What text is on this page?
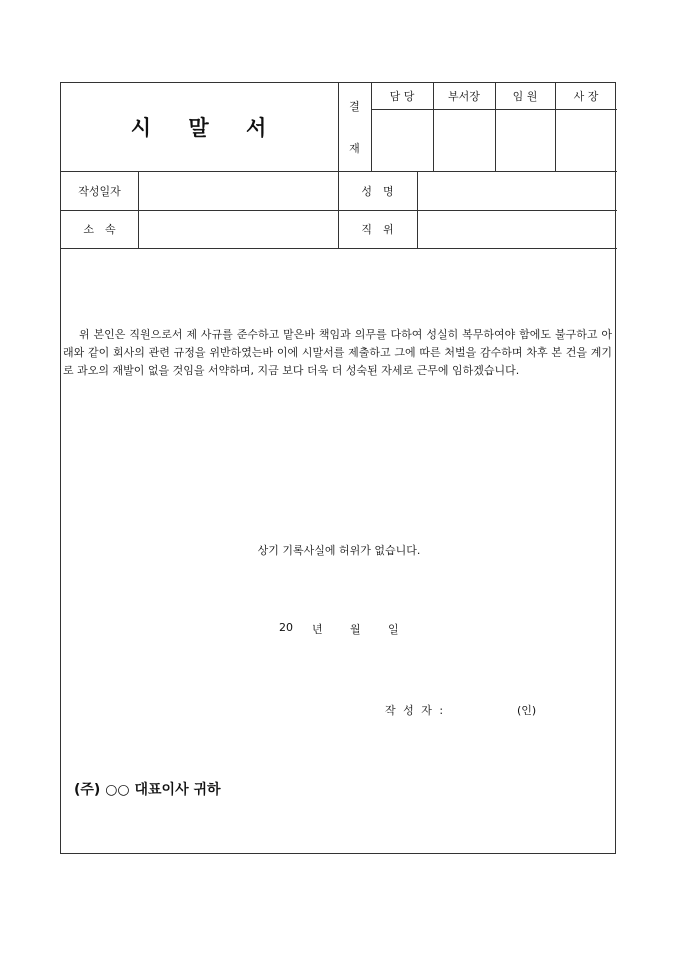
시 말 서
결
재
담 당	부서장	임 원	사 장
작성일자	성　명
소　속	직　위
위 본인은 직원으로서 제 사규를 준수하고 맡은바 책임과 의무를 다하여 성실히 복무하여야 함에도 불구하고 아래와 같이 회사의 관련 규정을 위반하였는바 이에 시말서를 제출하고 그에 따른 처벌을 감수하며 차후 본 건을 계기로 과오의 재발이 없을 것임을 서약하며, 지금 보다 더욱 더 성숙된 자세로 근무에 임하겠습니다.
상기 기록사실에 허위가 없습니다.
20 년 월 일
작 성 자 :	(인)
(주) ○○ 대표이사 귀하
